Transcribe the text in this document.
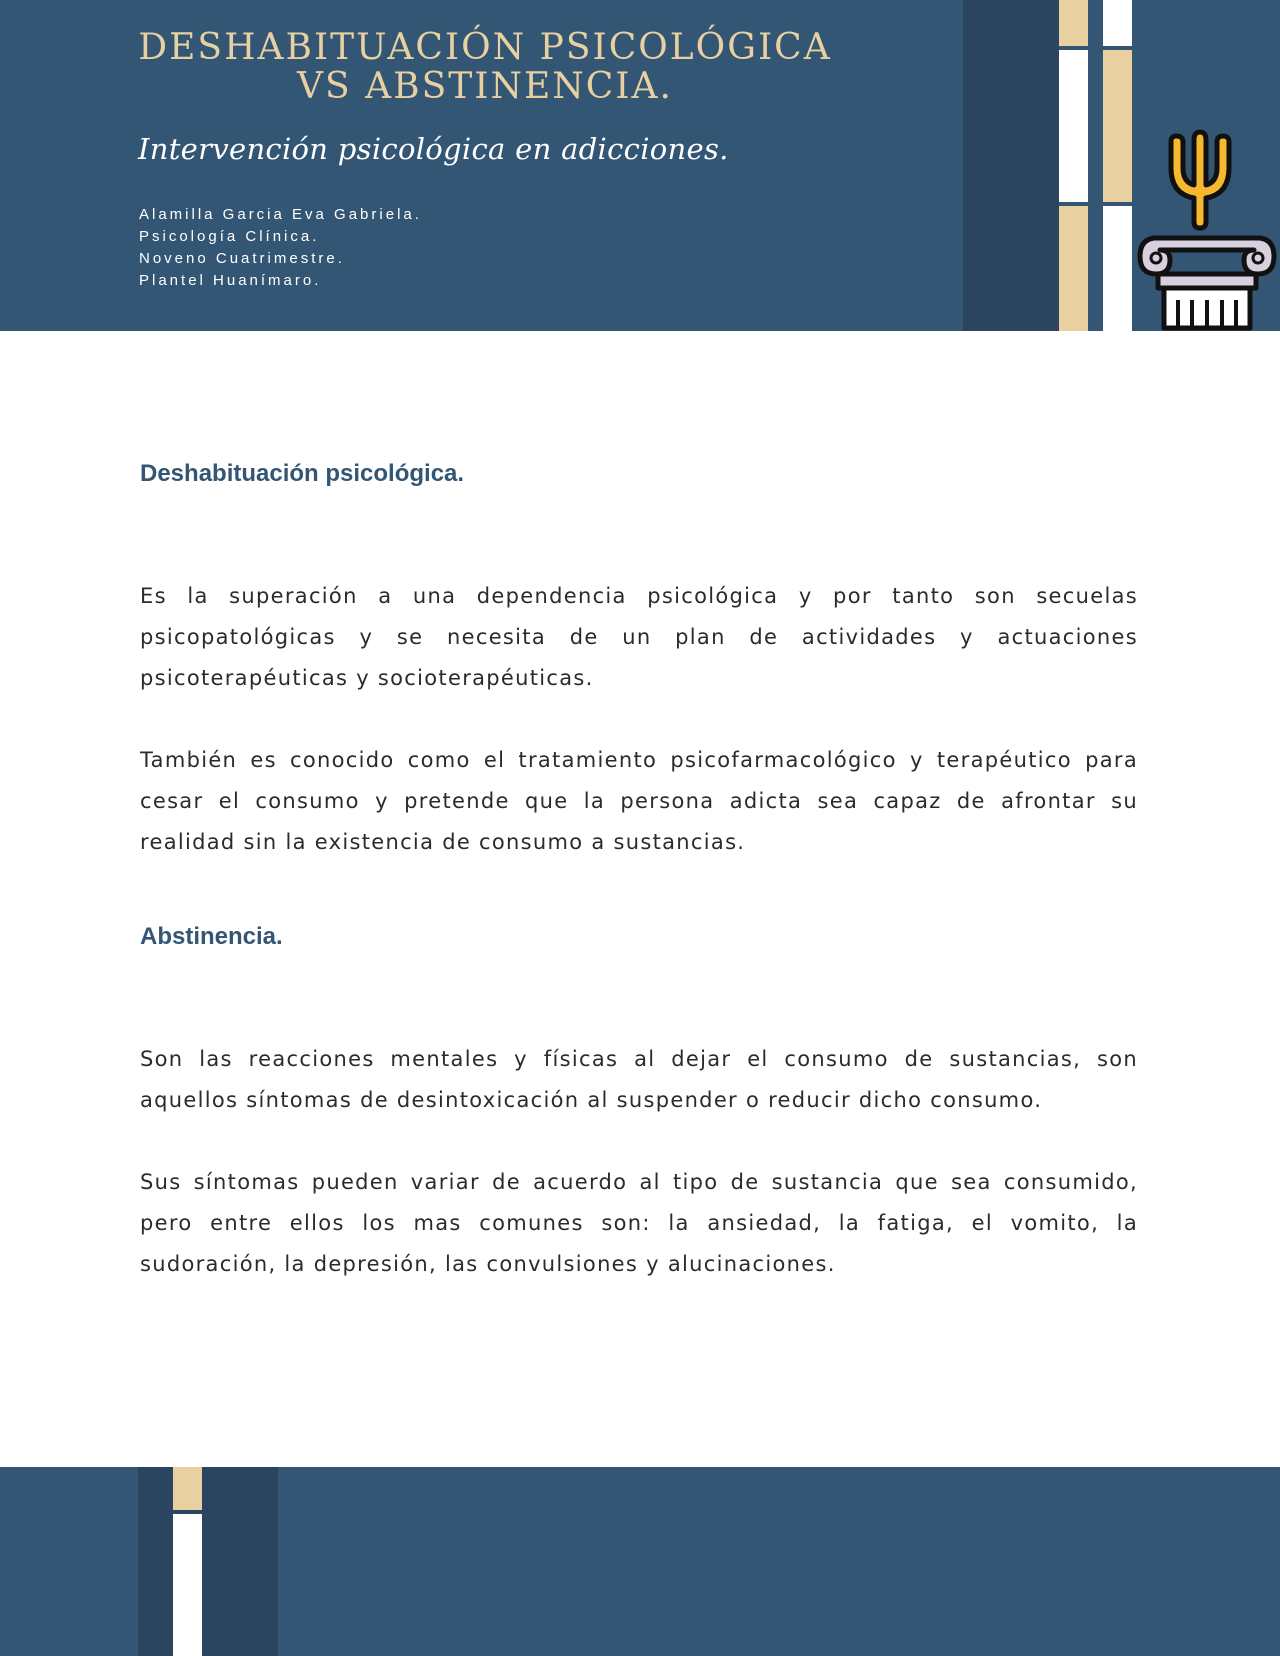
DESHABITUACIÓN PSICOLÓGICA
VS ABSTINENCIA.
Intervención psicológica en adicciones.
Alamilla Garcia Eva Gabriela.
Psicología Clínica.
Noveno Cuatrimestre.
Plantel Huanímaro.
Deshabituación psicológica.

Es la superación a una dependencia psicológica y por tanto son secuelas psicopatológicas y se necesita de un plan de actividades y actuaciones psicoterapéuticas y socioterapéuticas.

También es conocido como el tratamiento psicofarmacológico y terapéutico para cesar el consumo y pretende que la persona adicta sea capaz de afrontar su realidad sin la existencia de consumo a sustancias.

Abstinencia.

Son las reacciones mentales y físicas al dejar el consumo de sustancias, son aquellos síntomas de desintoxicación al suspender o reducir dicho consumo.

Sus síntomas pueden variar de acuerdo al tipo de sustancia que sea consumido, pero entre ellos los mas comunes son: la ansiedad, la fatiga, el vomito, la sudoración, la depresión, las convulsiones y alucinaciones.
